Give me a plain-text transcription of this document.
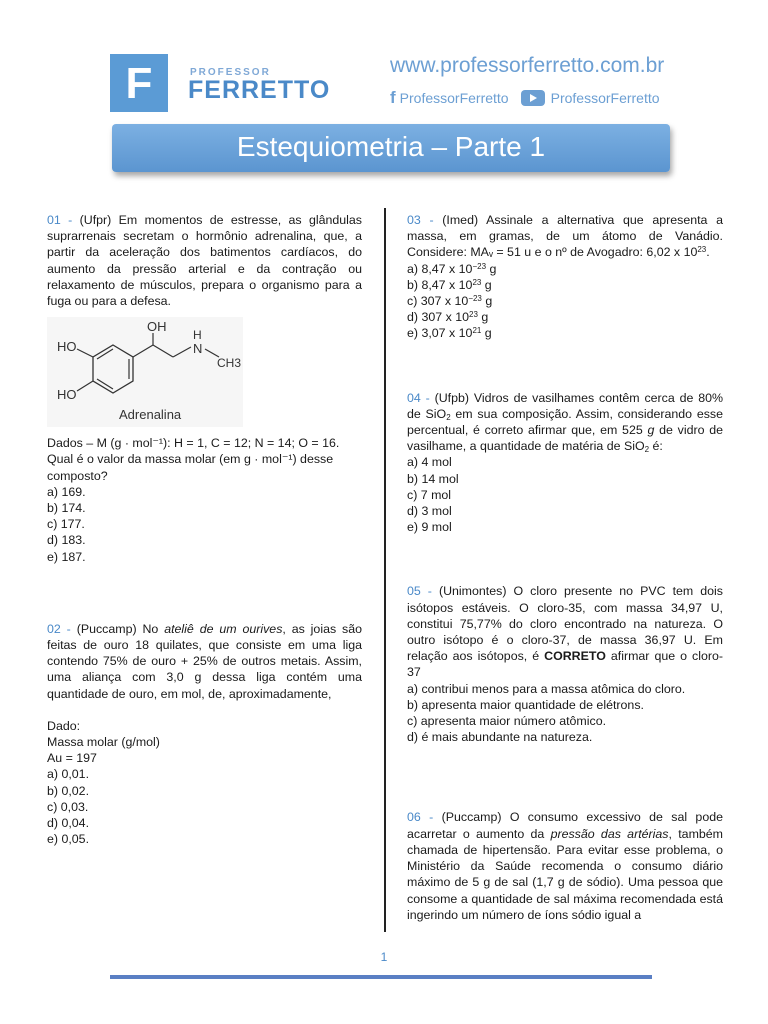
F	PROFESSOR
FERRETTO
www.professorferretto.com.br
f ProfessorFerretto	ProfessorFerretto
Estequiometria – Parte 1

01 - (Ufpr) Em momentos de estresse, as glândulas suprarrenais secretam o hormônio adrenalina, que, a partir da aceleração dos batimentos cardíacos, do aumento da pressão arterial e da contração ou relaxamento de músculos, prepara o organismo para a fuga ou para a defesa.

HO
HO
OH
H
N
CH3
Adrenalina

Dados – M (g · mol⁻¹): H = 1, C = 12; N = 14; O = 16.

Qual é o valor da massa molar (em g · mol⁻¹) desse composto?

a) 169.

b) 174.

c) 177.

d) 183.

e) 187.

02 - (Puccamp) No ateliê de um ourives, as joias são feitas de ouro 18 quilates, que consiste em uma liga contendo 75% de ouro + 25% de outros metais. Assim, uma aliança com 3,0 g dessa liga contém uma quantidade de ouro, em mol, de, aproximadamente,

Dado:

Massa molar (g/mol)

Au = 197

a) 0,01.

b) 0,02.

c) 0,03.

d) 0,04.

e) 0,05.

03 - (Imed) Assinale a alternativa que apresenta a massa, em gramas, de um átomo de Vanádio. Considere: MAᵥ = 51 u e o nº de Avogadro: 6,02 x $10^{23}$.

a) 8,47 x $10^{-23}$ g

b) 8,47 x $10^{23}$ g

c) 307 x $10^{-23}$ g

d) 307 x $10^{23}$ g

e) 3,07 x $10^{21}$ g

04 - (Ufpb) Vidros de vasilhames contêm cerca de 80% de SiO$_2$ em sua composição. Assim, considerando esse percentual, é correto afirmar que, em 525 g de vidro de vasilhame, a quantidade de matéria de SiO$_2$ é:

a) 4 mol

b) 14 mol

c) 7 mol

d) 3 mol

e) 9 mol

05 - (Unimontes) O cloro presente no PVC tem dois isótopos estáveis. O cloro-35, com massa 34,97 U, constitui 75,77% do cloro encontrado na natureza. O outro isótopo é o cloro-37, de massa 36,97 U. Em relação aos isótopos, é CORRETO afirmar que o cloro-37

a) contribui menos para a massa atômica do cloro.

b) apresenta maior quantidade de elétrons.

c) apresenta maior número atômico.

d) é mais abundante na natureza.

06 - (Puccamp) O consumo excessivo de sal pode acarretar o aumento da pressão das artérias, também chamada de hipertensão. Para evitar esse problema, o Ministério da Saúde recomenda o consumo diário máximo de 5 g de sal (1,7 g de sódio). Uma pessoa que consome a quantidade de sal máxima recomendada está ingerindo um número de íons sódio igual a

1
